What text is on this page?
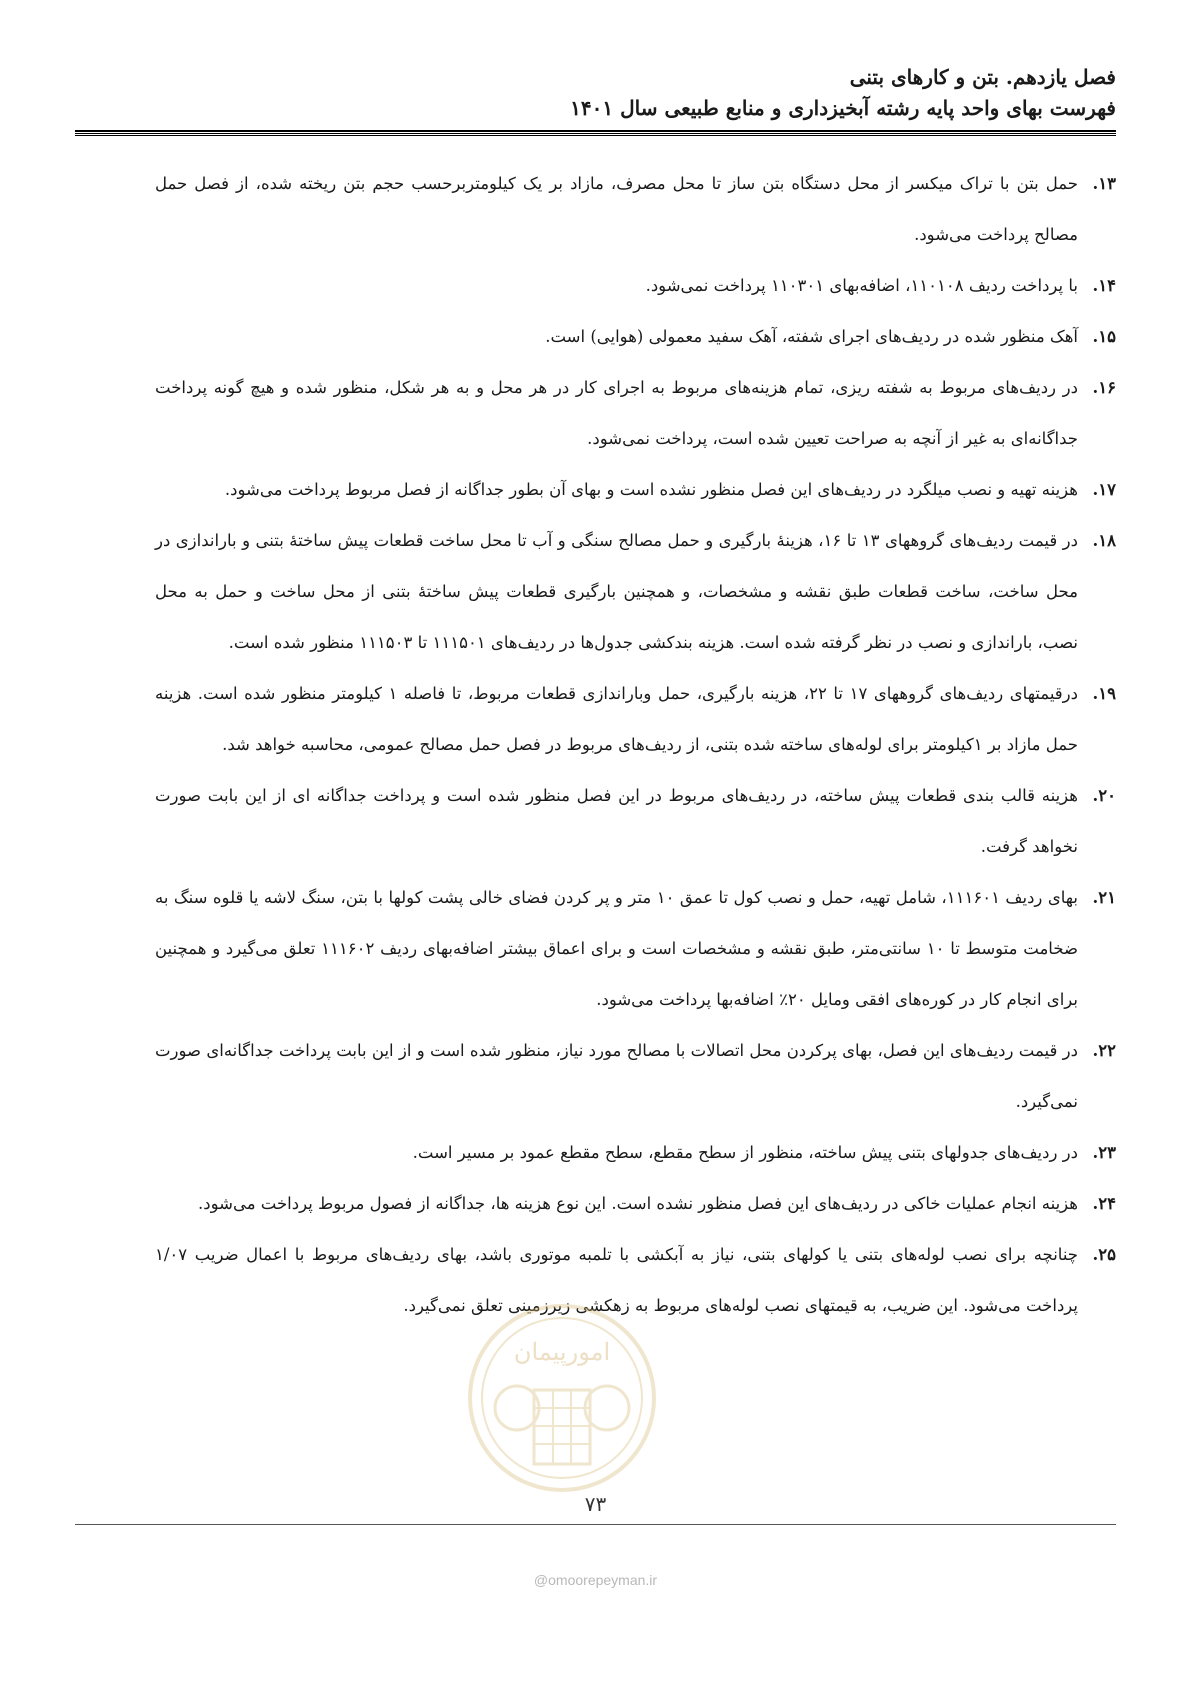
فصل یازدهم. بتن و کارهای بتنی
فهرست بهای واحد پایه رشته آبخیزداری و منابع طبیعی سال ۱۴۰۱
۱۳.
حمل بتن با تراک میکسر از محل دستگاه بتن ساز تا محل مصرف، مازاد بر یک کیلومتربرحسب حجم بتن ریخته شده، از فصل حمل مصالح پرداخت می‌شود.
۱۴.
با پرداخت ردیف ۱۱۰۱۰۸، اضافه‌بهای ۱۱۰۳۰۱ پرداخت نمی‌شود.
۱۵.
آهک منظور شده در ردیف‌های اجرای شفته، آهک سفید معمولی (هوایی) است.
۱۶.
در ردیف‌های مربوط به شفته ریزی، تمام هزینه‌های مربوط به اجرای کار در هر محل و به هر شکل، منظور شده و هیچ گونه پرداخت جداگانه‌ای به غیر از آنچه به صراحت تعیین شده است، پرداخت نمی‌شود.
۱۷.
هزینه تهیه و نصب میلگرد در ردیف‌های این فصل منظور نشده است و بهای آن بطور جداگانه از فصل مربوط پرداخت می‌شود.
۱۸.
در قیمت ردیف‌های گروههای ۱۳ تا ۱۶، هزینهٔ بارگیری و حمل مصالح سنگی و آب تا محل ساخت قطعات پیش ساختهٔ بتنی و باراندازی در محل ساخت، ساخت قطعات طبق نقشه و مشخصات، و همچنین بارگیری قطعات پیش ساختهٔ بتنی از محل ساخت و حمل به محل نصب، باراندازی و نصب در نظر گرفته شده است. هزینه بندکشی جدول‌ها در ردیف‌های ۱۱۱۵۰۱ تا ۱۱۱۵۰۳ منظور شده است.
۱۹.
درقیمتهای ردیف‌های گروههای ۱۷ تا ۲۲، هزینه بارگیری، حمل وباراندازی قطعات مربوط، تا فاصله ۱ کیلومتر منظور شده است. هزینه حمل مازاد بر ۱کیلومتر برای لوله‌های ساخته شده بتنی، از ردیف‌های مربوط در فصل حمل مصالح عمومی، محاسبه خواهد شد.
۲۰.
هزینه قالب بندی قطعات پیش ساخته، در ردیف‌های مربوط در این فصل منظور شده است و پرداخت جداگانه ای از این بابت صورت نخواهد گرفت.
۲۱.
بهای ردیف ۱۱۱۶۰۱، شامل تهیه، حمل و نصب کول تا عمق ۱۰ متر و پر کردن فضای خالی پشت کولها با بتن، سنگ لاشه یا قلوه سنگ به ضخامت متوسط تا ۱۰ سانتی‌متر، طبق نقشه و مشخصات است و برای اعماق بیشتر اضافه‌بهای ردیف ۱۱۱۶۰۲ تعلق می‌گیرد و همچنین برای انجام کار در کوره‌های افقی ومایل ۲۰٪ اضافه‌بها پرداخت می‌شود.
۲۲.
در قیمت ردیف‌های این فصل، بهای پرکردن محل اتصالات با مصالح مورد نیاز، منظور شده است و از این بابت پرداخت جداگانه‌ای صورت نمی‌گیرد.
۲۳.
در ردیف‌های جدولهای بتنی پیش ساخته، منظور از سطح مقطع، سطح مقطع عمود بر مسیر است.
۲۴.
هزینه انجام عملیات خاکی در ردیف‌های این فصل منظور نشده است. این نوع هزینه ها، جداگانه از فصول مربوط پرداخت می‌شود.
۲۵.
چنانچه برای نصب لوله‌های بتنی یا کولهای بتنی، نیاز به آبکشی با تلمبه موتوری باشد، بهای ردیف‌های مربوط با اعمال ضریب ۱/۰۷ پرداخت می‌شود. این ضریب، به قیمتهای نصب لوله‌های مربوط به زهکشی زیرزمینی تعلق نمی‌گیرد.
امورپیمان
۷۳
@omoorepeyman.ir
